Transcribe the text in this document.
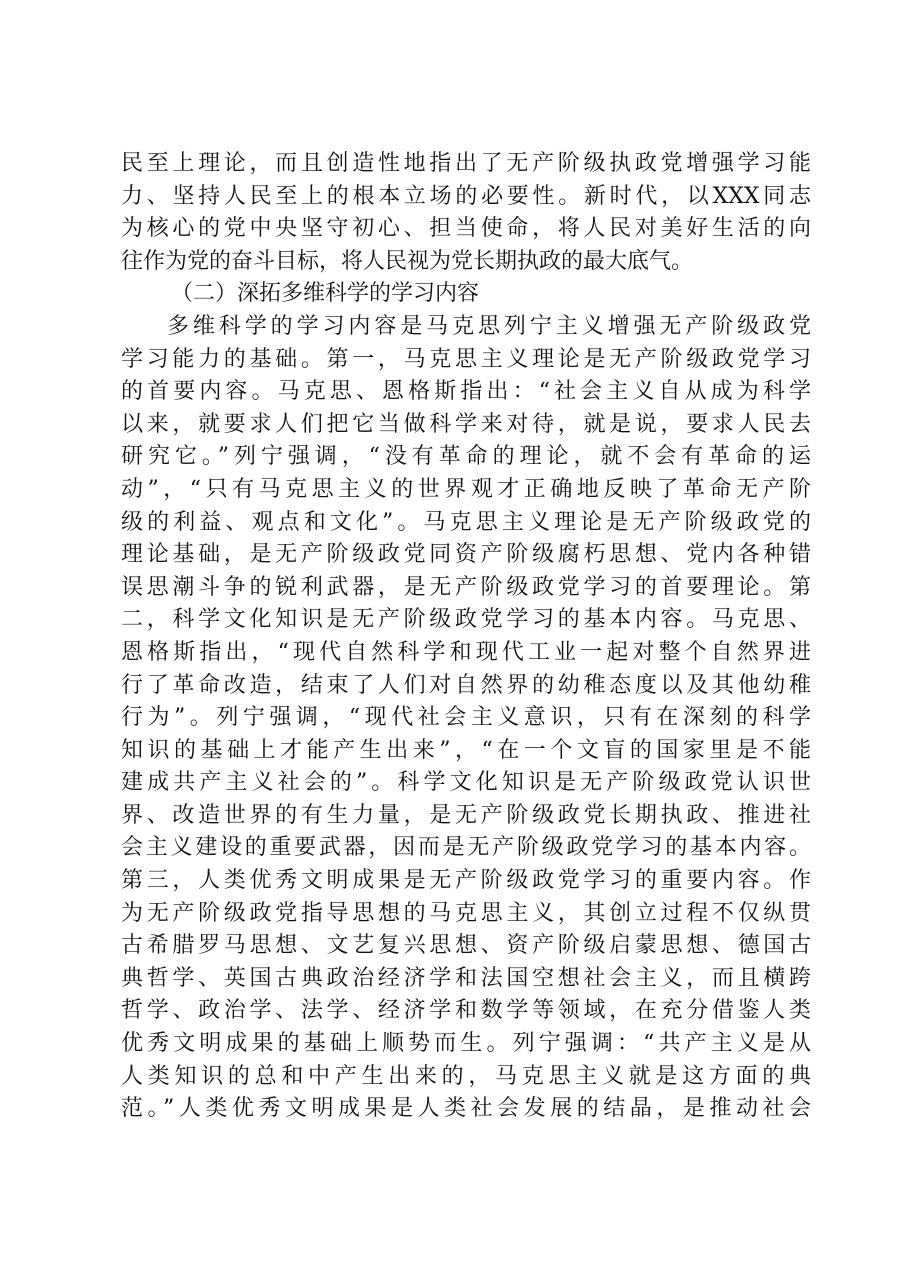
民至上理论，而且创造性地指出了无产阶级执政党增强学习能
力、坚持人民至上的根本立场的必要性。新时代，以XXX同志
为核心的党中央坚守初心、担当使命，将人民对美好生活的向
往作为党的奋斗目标，将人民视为党长期执政的最大底气。
（二）深拓多维科学的学习内容
多维科学的学习内容是马克思列宁主义增强无产阶级政党
学习能力的基础。第一，马克思主义理论是无产阶级政党学习
的首要内容。马克思、恩格斯指出：“社会主义自从成为科学
以来，就要求人们把它当做科学来对待，就是说，要求人民去
研究它。”列宁强调，“没有革命的理论，就不会有革命的运
动”，“只有马克思主义的世界观才正确地反映了革命无产阶
级的利益、观点和文化”。马克思主义理论是无产阶级政党的
理论基础，是无产阶级政党同资产阶级腐朽思想、党内各种错
误思潮斗争的锐利武器，是无产阶级政党学习的首要理论。第
二，科学文化知识是无产阶级政党学习的基本内容。马克思、
恩格斯指出，“现代自然科学和现代工业一起对整个自然界进
行了革命改造，结束了人们对自然界的幼稚态度以及其他幼稚
行为”。列宁强调，“现代社会主义意识，只有在深刻的科学
知识的基础上才能产生出来”，“在一个文盲的国家里是不能
建成共产主义社会的”。科学文化知识是无产阶级政党认识世
界、改造世界的有生力量，是无产阶级政党长期执政、推进社
会主义建设的重要武器，因而是无产阶级政党学习的基本内容。
第三，人类优秀文明成果是无产阶级政党学习的重要内容。作
为无产阶级政党指导思想的马克思主义，其创立过程不仅纵贯
古希腊罗马思想、文艺复兴思想、资产阶级启蒙思想、德国古
典哲学、英国古典政治经济学和法国空想社会主义，而且横跨
哲学、政治学、法学、经济学和数学等领域，在充分借鉴人类
优秀文明成果的基础上顺势而生。列宁强调：“共产主义是从
人类知识的总和中产生出来的，马克思主义就是这方面的典
范。”人类优秀文明成果是人类社会发展的结晶，是推动社会
